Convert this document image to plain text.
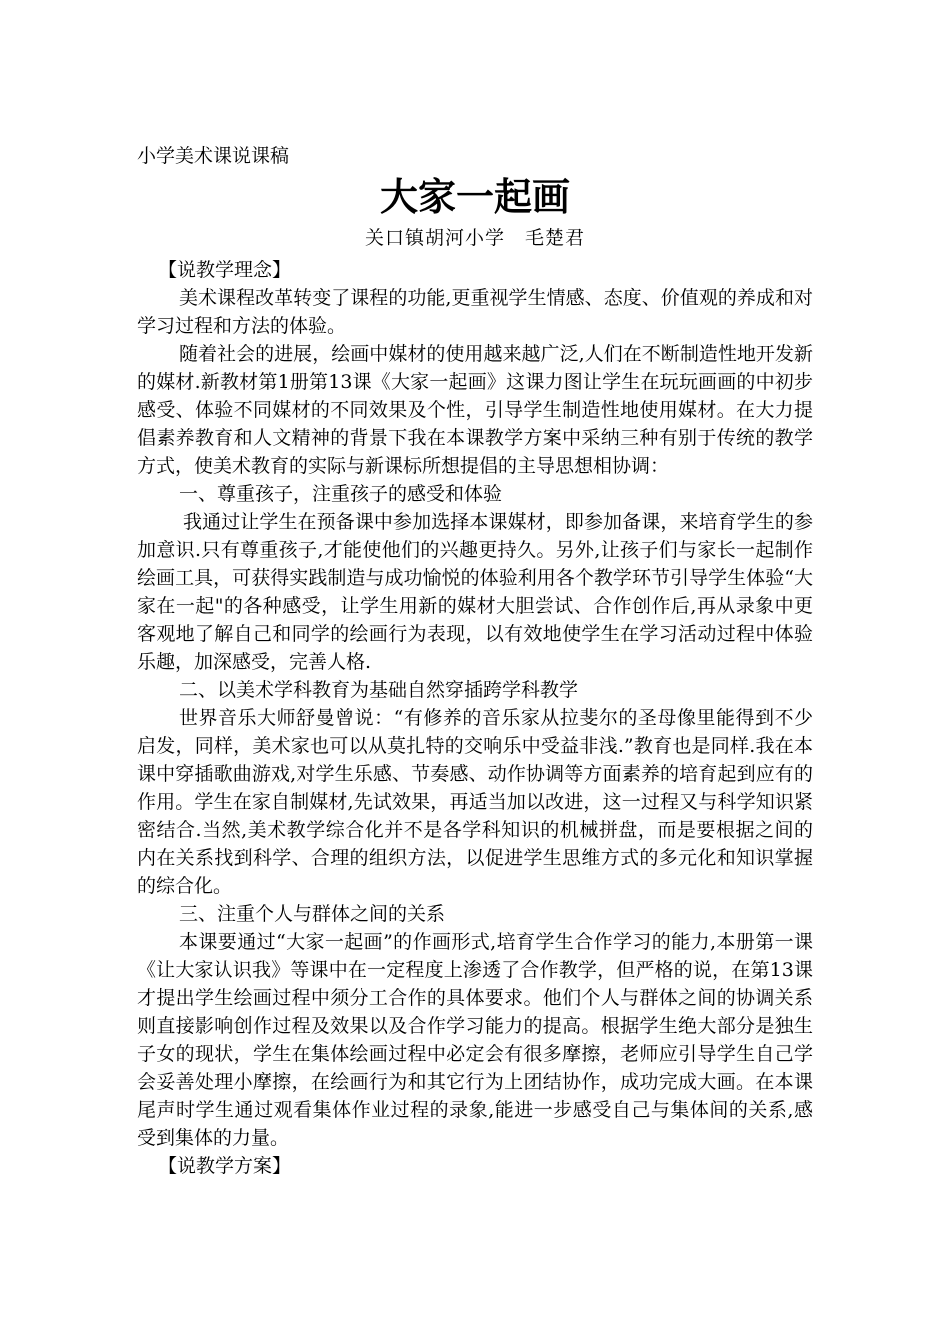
小学美术课说课稿

大家一起画

关口镇胡河小学　毛楚君

【说教学理念】

美术课程改革转变了课程的功能,更重视学生情感、态度、价值观的养成和对学习过程和方法的体验。

随着社会的进展，绘画中媒材的使用越来越广泛,人们在不断制造性地开发新的媒材.新教材第1册第13课《大家一起画》这课力图让学生在玩玩画画的中初步感受、体验不同媒材的不同效果及个性，引导学生制造性地使用媒材。在大力提倡素养教育和人文精神的背景下我在本课教学方案中采纳三种有别于传统的教学方式，使美术教育的实际与新课标所想提倡的主导思想相协调：

一、尊重孩子，注重孩子的感受和体验

我通过让学生在预备课中参加选择本课媒材，即参加备课，来培育学生的参加意识.只有尊重孩子,才能使他们的兴趣更持久。另外,让孩子们与家长一起制作绘画工具，可获得实践制造与成功愉悦的体验利用各个教学环节引导学生体验“大家在一起"的各种感受，让学生用新的媒材大胆尝试、合作创作后,再从录象中更客观地了解自己和同学的绘画行为表现，以有效地使学生在学习活动过程中体验乐趣，加深感受，完善人格.

二、以美术学科教育为基础自然穿插跨学科教学

世界音乐大师舒曼曾说：“有修养的音乐家从拉斐尔的圣母像里能得到不少启发，同样，美术家也可以从莫扎特的交响乐中受益非浅.”教育也是同样.我在本课中穿插歌曲游戏,对学生乐感、节奏感、动作协调等方面素养的培育起到应有的作用。学生在家自制媒材,先试效果，再适当加以改进，这一过程又与科学知识紧密结合.当然,美术教学综合化并不是各学科知识的机械拼盘，而是要根据之间的内在关系找到科学、合理的组织方法，以促进学生思维方式的多元化和知识掌握的综合化。

三、注重个人与群体之间的关系

本课要通过“大家一起画”的作画形式,培育学生合作学习的能力,本册第一课《让大家认识我》等课中在一定程度上渗透了合作教学，但严格的说，在第13课才提出学生绘画过程中须分工合作的具体要求。他们个人与群体之间的协调关系则直接影响创作过程及效果以及合作学习能力的提高。根据学生绝大部分是独生子女的现状，学生在集体绘画过程中必定会有很多摩擦，老师应引导学生自己学会妥善处理小摩擦，在绘画行为和其它行为上团结协作，成功完成大画。在本课尾声时学生通过观看集体作业过程的录象,能进一步感受自己与集体间的关系,感受到集体的力量。

【说教学方案】
